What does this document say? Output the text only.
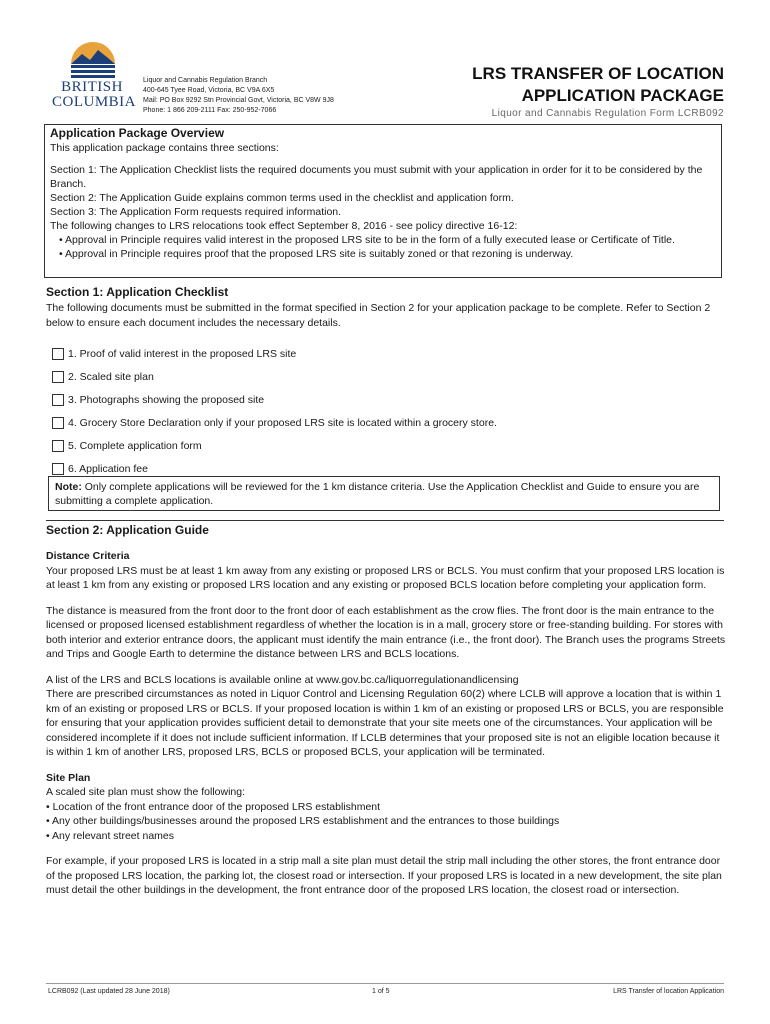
BRITISH
COLUMBIA
Liquor and Cannabis Regulation Branch
400-645 Tyee Road, Victoria, BC V9A 6X5
Mail: PO Box 9292 Stn Provincial Govt, Victoria, BC V8W 9J8
Phone: 1 866 209-2111 Fax: 250-952-7066
LRS TRANSFER OF LOCATION
APPLICATION PACKAGE
Liquor and Cannabis Regulation Form LCRB092
Application Package Overview

This application package contains three sections:

Section 1: The Application Checklist lists the required documents you must submit with your application in order for it to be considered by the Branch.

Section 2: The Application Guide explains common terms used in the checklist and application form.

Section 3: The Application Form requests required information.

The following changes to LRS relocations took effect September 8, 2016 - see policy directive 16-12:

• Approval in Principle requires valid interest in the proposed LRS site to be in the form of a fully executed lease or Certificate of Title.

• Approval in Principle requires proof that the proposed LRS site is suitably zoned or that rezoning is underway.

Section 1: Application Checklist

The following documents must be submitted in the format specified in Section 2 for your application package to be complete. Refer to Section 2 below to ensure each document includes the necessary details.

1. Proof of valid interest in the proposed LRS site
2. Scaled site plan
3. Photographs showing the proposed site
4. Grocery Store Declaration only if your proposed LRS site is located within a grocery store.
5. Complete application form
6. Application fee
Note: Only complete applications will be reviewed for the 1 km distance criteria. Use the Application Checklist and Guide to ensure you are submitting a complete application.
Section 2: Application Guide

Distance Criteria

Your proposed LRS must be at least 1 km away from any existing or proposed LRS or BCLS. You must confirm that your proposed LRS location is at least 1 km from any existing or proposed LRS location and any existing or proposed BCLS location before completing your application form.

The distance is measured from the front door to the front door of each establishment as the crow flies. The front door is the main entrance to the licensed or proposed licensed establishment regardless of whether the location is in a mall, grocery store or free-standing building. For stores with both interior and exterior entrance doors, the applicant must identify the main entrance (i.e., the front door). The Branch uses the programs Streets and Trips and Google Earth to determine the distance between LRS and BCLS locations.

A list of the LRS and BCLS locations is available online at www.gov.bc.ca/liquorregulationandlicensing

There are prescribed circumstances as noted in Liquor Control and Licensing Regulation 60(2) where LCLB will approve a location that is within 1 km of an existing or proposed LRS or BCLS. If your proposed location is within 1 km of an existing or proposed LRS or BCLS, you are responsible for ensuring that your application provides sufficient detail to demonstrate that your site meets one of the circumstances. Your application will be considered incomplete if it does not include sufficient information. If LCLB determines that your proposed site is not an eligible location because it is within 1 km of another LRS, proposed LRS, BCLS or proposed BCLS, your application will be terminated.

Site Plan

A scaled site plan must show the following:

• Location of the front entrance door of the proposed LRS establishment

• Any other buildings/businesses around the proposed LRS establishment and the entrances to those buildings

• Any relevant street names

For example, if your proposed LRS is located in a strip mall a site plan must detail the strip mall including the other stores, the front entrance door of the proposed LRS location, the parking lot, the closest road or intersection. If your proposed LRS is located in a new development, the site plan must detail the other buildings in the development, the front entrance door of the proposed LRS location, the closest road or intersection.

LCRB092 (Last updated 28 June 2018)	1 of 5	LRS Transfer of location Application
